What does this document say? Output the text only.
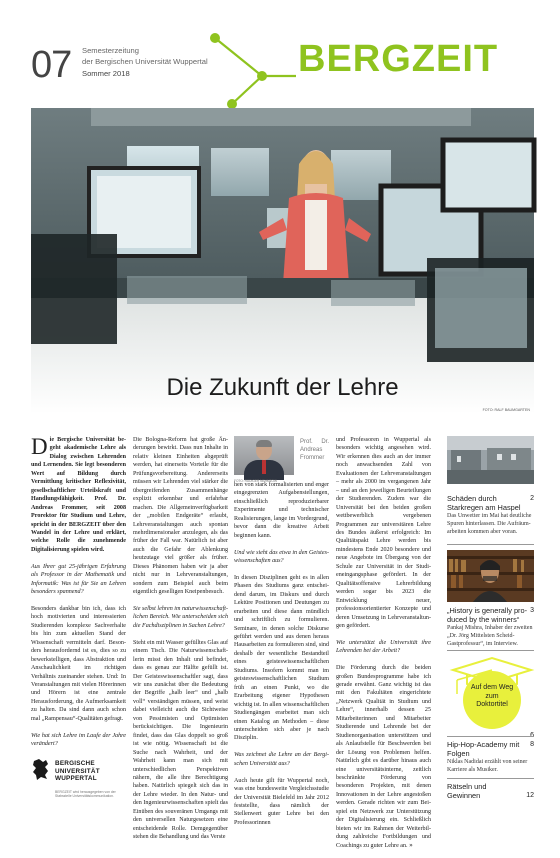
07 Semesterzeitung
der Bergischen Universität Wuppertal
Sommer 2018	BERGZEIT
Die Zukunft der Lehre
FOTO: RALF BAUMGARTEN

Die Bergische Universität begeht akademische Lehre als Dialog zwischen Lehrenden und Lernenden. Sie legt besonderen Wert auf Bildung durch Vermittlung kritischer Reflexivität, gesellschaftlicher Urteilskraft und Handlungsfähigkeit. Prof. Dr. Andreas Frommer, seit 2008 Prorektor für Studium und Lehre, spricht in der BERGZEIT über den Wandel in der Lehre und erklärt, welche Rolle die zunehmende Digitalisierung spielen wird.

Aus Ihrer gut 25-jährigen Erfahrung als Professor in der Mathematik und Informatik: Was ist für Sie an Lehren besonders spannend?

Besonders dankbar bin ich, dass ich hoch motivierten und interessierten Studierenden komplexe Sachverhalte bis hin zum aktuellen Stand der Wissenschaft vermitteln darf. Besonders herausfordernd ist es, dies so zu bewerkstelligen, dass Abstraktion und Anschaulichkeit im richtigen Verhältnis zueinander stehen. Und: In Veranstaltungen mit vielen Hörerinnen und Hörern ist eine zentrale Herausforderung, die Aufmerksamkeit zu halten. Da sind dann auch schon mal „Rampensau“-Qualitäten gefragt.

Wie hat sich Lehre im Laufe der Jahre verändert?

BERGISCHE
UNIVERSITÄT
WUPPERTAL
BERGZEIT wird herausgegeben von der Stabsstelle Universitätskommunikation.

Die Bologna-Reform hat große Änderungen bewirkt. Dass nun Inhalte in relativ kleinen Einheiten abgeprüft werden, hat einerseits Vorteile für die Prüfungsvorbereitung. Andererseits müssen wir Lehrenden viel stärker die übergreifenden Zusammenhänge explizit erkennbar und erfahrbar machen. Die Allgemeinverfügbarkeit der „mobilen Endgeräte“ erlaubt, Lehrveranstaltungen auch spontan mehrdimensionaler anzulegen, als das früher der Fall war. Natürlich ist aber auch die Gefahr der Ablenkung heutzutage viel größer als früher. Dieses Phänomen haben wir ja aber nicht nur in Lehrveranstaltungen, sondern zum Beispiel auch beim eigentlich geselligen Kneipenbesuch.

Sie selbst lehren im naturwissenschaftlichen Bereich. Wie unterscheiden sich die Fachdisziplinen in Sachen Lehre?

Steht ein mit Wasser gefülltes Glas auf einem Tisch. Die Naturwissenschaftlerin misst den Inhalt und befindet, dass es genau zur Hälfte gefüllt ist. Der Geisteswissenschaftler sagt, dass wir uns zunächst über die Bedeutung der Begriffe „halb leer“ und „halb voll“ verständigen müssen, und weist dabei vielleicht auch die Sichtweise von Pessimisten und Optimisten berücksichtigen. Die Ingenieurin findet, dass das Glas doppelt so groß ist wie nötig. Wissenschaft ist die Suche nach Wahrheit, und der Wahrheit kann man sich mit unterschiedlichen Perspektiven nähern, die alle ihre Berechtigung haben. Natürlich spiegelt sich das in der Lehre wieder. In den Natur- und den Ingenieurwissenschaften spielt das Einüben des souveränen Umgangs mit den universellen Naturgesetzen eine entscheidende Rolle. Demgegenüber stehen die Behandlung und das Verste

Prof. Dr. Andreas Frommer
FOTO: RÜDIGER NEHMZOW

hen von stark formalisierten und enger eingegrenzten Aufgabenstellungen, einschließlich reproduzierbarer Experimente und technischer Realisierungen, lange im Vordergrund, bevor dann die kreative Arbeit beginnen kann.

Und wie sieht das etwa in den Geisteswissenschaften aus?

In diesen Disziplinen geht es in allen Phasen des Studiums ganz entscheidend darum, im Diskurs und durch Lektüre Positionen und Deutungen zu erarbeiten und diese dann mündlich und schriftlich zu formulieren. Seminare, in denen solche Diskurse geführt werden und aus denen heraus Hausarbeiten zu formulieren sind, sind deshalb der wesentliche Bestandteil eines geisteswissenschaftlichen Studiums. Insofern kommt man im geisteswissenschaftlichen Studium früh an einen Punkt, wo die Erarbeitung eigener Hypothesen wichtig ist. In allen wissenschaftlichen Studiengängen erarbeitet man sich einen Katalog an Methoden – diese unterscheiden sich aber je nach Disziplin.

Was zeichnet die Lehre an der Bergischen Universität aus?

Auch heute gilt für Wuppertal noch, was eine bundesweite Vergleichsstudie der Universität Bielefeld im Jahr 2012 feststellte, dass nämlich der Stellenwert guter Lehre bei den Professorinnen

und Professoren in Wuppertal als besonders wichtig angesehen wird. Wir erkennen dies auch an der immer noch anwachsenden Zahl von Evaluationen der Lehrveranstaltungen – mehr als 2000 im vergangenen Jahr – und an den jeweiligen Beurteilungen der Studierenden. Zudem war die Universität bei den beiden großen wettbewerblich vergebenen Programmen zur universitären Lehre des Bundes äußerst erfolgreich: Im Qualitätspakt Lehre werden bis mindestens Ende 2020 besondere und neue Angebote im Übergang von der Schule zur Universität in der Studieneingangsphase gefördert. In der Qualitätsoffensive Lehrerbildung werden sogar bis 2023 die Entwicklung neuer, professionsorientierter Konzepte und deren Umsetzung in Lehrveranstaltungen gefördert.

Wie unterstützt die Universität ihre Lehrenden bei der Arbeit?

Die Förderung durch die beiden großen Bundesprogramme habe ich gerade erwähnt. Ganz wichtig ist das mit den Fakultäten eingerichtete „Netzwerk Qualität in Studium und Lehre“, innerhalb dessen 25 Mitarbeiterinnen und Mitarbeiter Studierende und Lehrende bei der Studienorganisation unterstützen und als Anlaufstelle für Beschwerden bei der Lösung von Problemen helfen. Natürlich gibt es darüber hinaus auch eine universitätsinterne, zeitlich beschränkte Förderung von besonderen Projekten, mit denen Innovationen in der Lehre angestoßen werden. Gerade richten wir zum Beispiel ein Netzwerk zur Unterstützung der Digitalisierung ein. Schließlich bieten wir im Rahmen der Weiterbildung zahlreiche Fortbildungen und Coachings zu guter Lehre an. »

Schäden durch Starkregen am Haspel
2
Das Unwetter im Mai hat deutliche Spuren hinterlassen. Die Aufräumarbeiten kommen aber voran.
„History is generally produced by the winners“
3
Pankaj Mishra, Inhaber der zweiten „Dr. Jörg Mittelsten Scheid-Gastprofessur“, im Interview.
Auf dem Weg zum Doktortitel
6
Hip-Hop-Academy mit Folgen
8
Niklas Nadidai erzählt von seiner Karriere als Musiker.
Rätseln und Gewinnen	12
